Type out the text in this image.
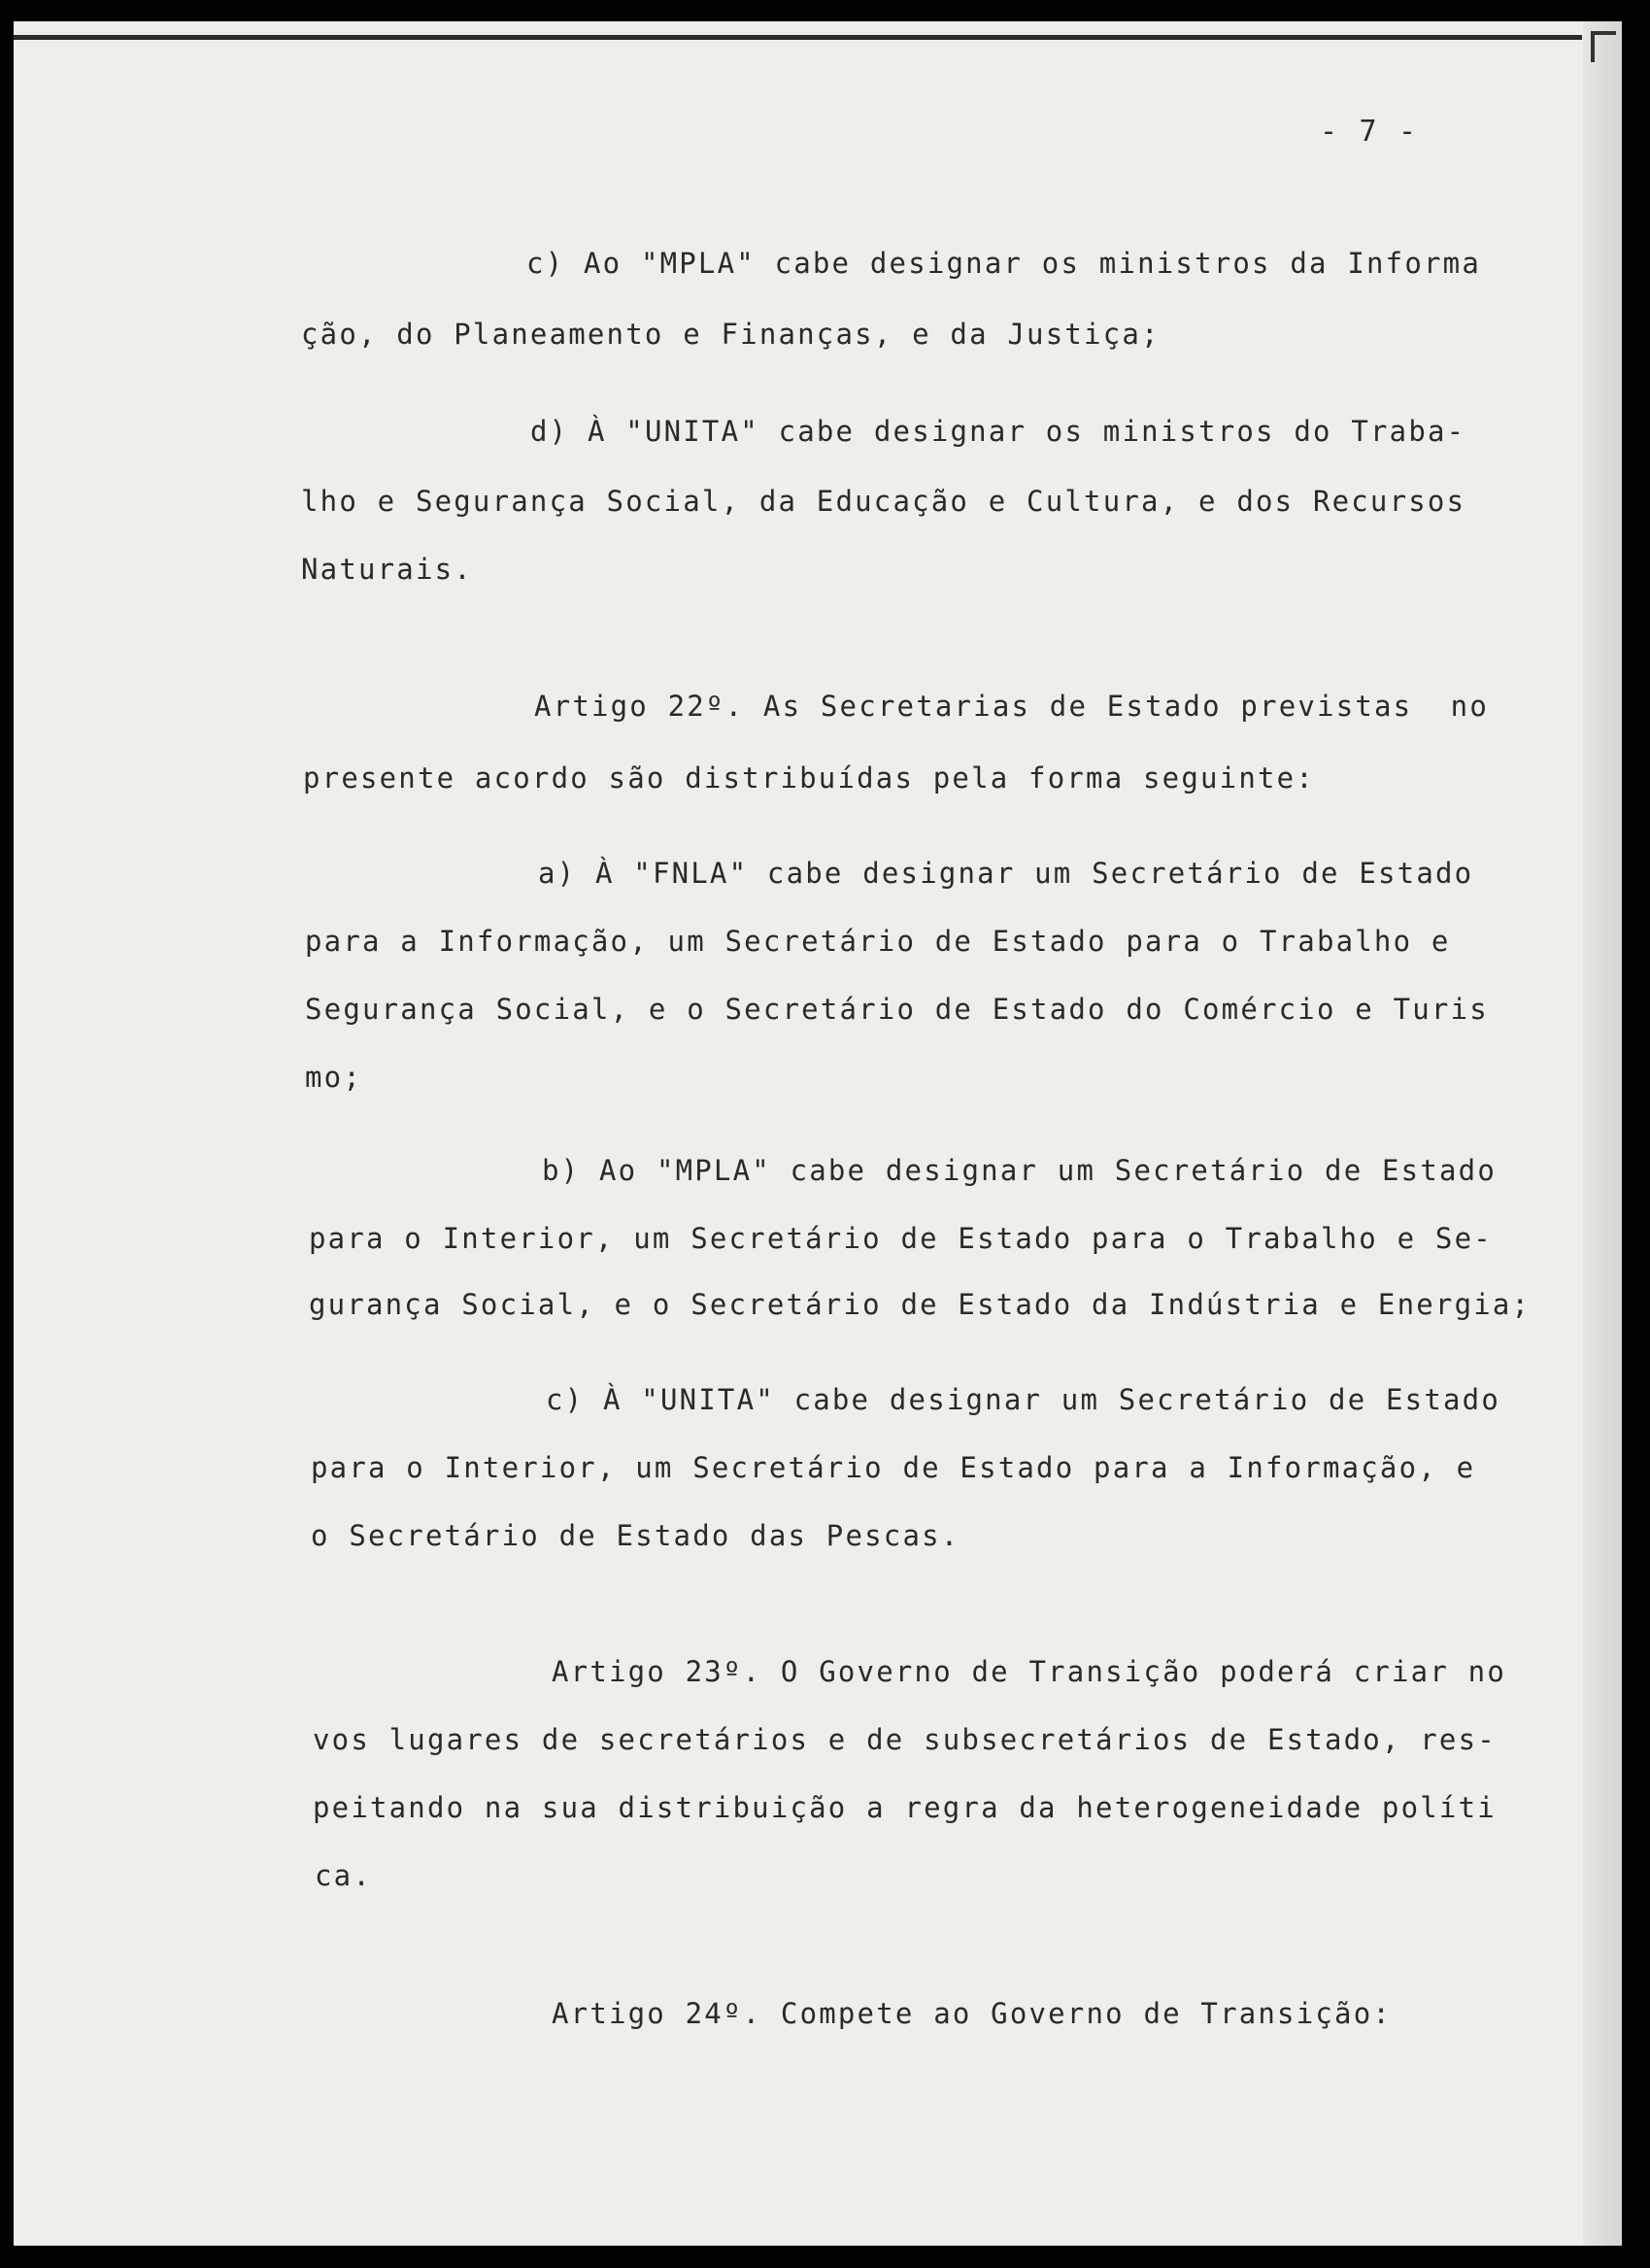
- 7 -
c) Ao "MPLA" cabe designar os ministros da Informa
ção, do Planeamento e Finanças, e da Justiça;
d) À "UNITA" cabe designar os ministros do Traba-
lho e Segurança Social, da Educação e Cultura, e dos Recursos
Naturais.
Artigo 22º. As Secretarias de Estado previstas  no
presente acordo são distribuídas pela forma seguinte:
a) À "FNLA" cabe designar um Secretário de Estado
para a Informação, um Secretário de Estado para o Trabalho e
Segurança Social, e o Secretário de Estado do Comércio e Turis
mo;
b) Ao "MPLA" cabe designar um Secretário de Estado
para o Interior, um Secretário de Estado para o Trabalho e Se-
gurança Social, e o Secretário de Estado da Indústria e Energia;
c) À "UNITA" cabe designar um Secretário de Estado
para o Interior, um Secretário de Estado para a Informação, e
o Secretário de Estado das Pescas.
Artigo 23º. O Governo de Transição poderá criar no
vos lugares de secretários e de subsecretários de Estado, res-
peitando na sua distribuição a regra da heterogeneidade políti
ca.
Artigo 24º. Compete ao Governo de Transição:
